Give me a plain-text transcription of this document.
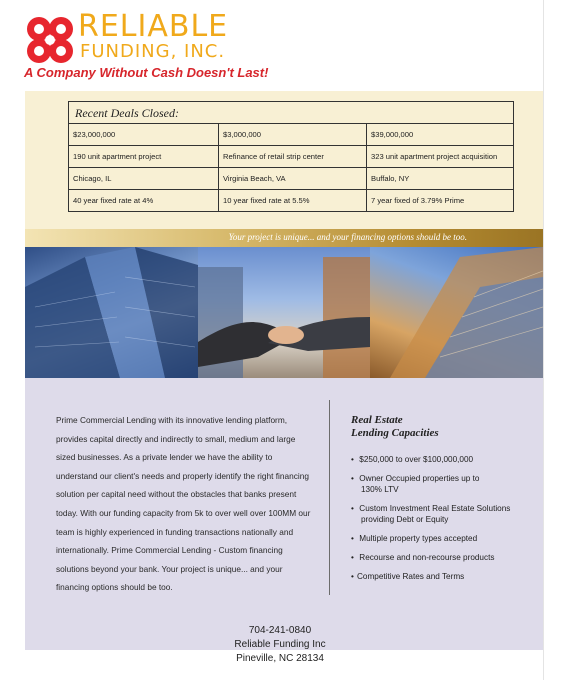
RELIABLE
FUNDING, INC.
A Company Without Cash Doesn't Last!
Recent Deals Closed:		
$23,000,000	$3,000,000	$39,000,000
190 unit apartment project	Refinance of retail strip center	323 unit apartment project acquisition
Chicago, IL	Virginia Beach, VA	Buffalo, NY
40 year fixed rate at 4%	10 year fixed rate at 5.5%	7 year fixed of 3.79% Prime
Your project is unique... and your financing options should be too.

Prime Commercial Lending with its innovative lending platform, provides capital directly and indirectly to small, medium and large sized businesses. As a private lender we have the ability to understand our client's needs and properly identify the right financing solution per capital need without the obstacles that banks present today. With our funding capacity from 5k to over well over 100MM our team is highly experienced in funding transactions nationally and internationally. Prime Commercial Lending - Custom financing solutions beyond your bank. Your project is unique... and your financing options should be too.

Real Estate
Lending Capacities
• $250,000 to over $100,000,000
• Owner Occupied properties up to
130% LTV
• Custom Investment Real Estate Solutions
providing Debt or Equity
• Multiple property types accepted
• Recourse and non-recourse products
• Competitive Rates and Terms
704-241-0840
Reliable Funding Inc
Pineville, NC 28134
